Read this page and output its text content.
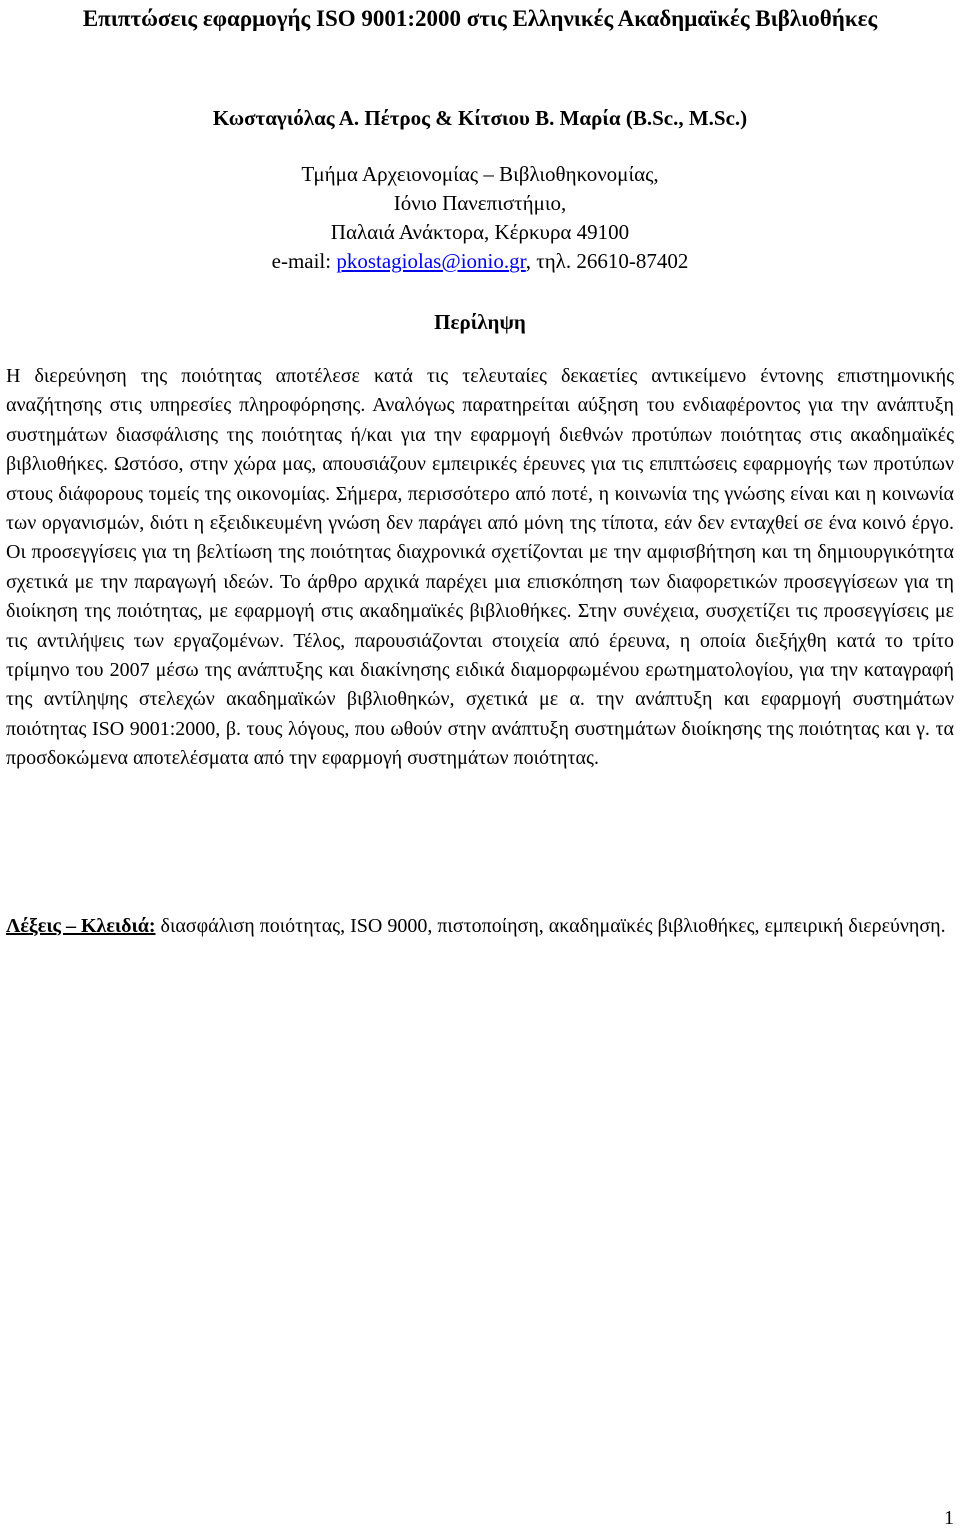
Επιπτώσεις εφαρμογής ISO 9001:2000 στις Ελληνικές Ακαδημαϊκές Βιβλιοθήκες

Κωσταγιόλας Α. Πέτρος & Κίτσιου Β. Μαρία (B.Sc., M.Sc.)

Τμήμα Αρχειονομίας – Βιβλιοθηκονομίας,
Ιόνιο Πανεπιστήμιο,
Παλαιά Ανάκτορα, Κέρκυρα 49100
e-mail: pkostagiolas@ionio.gr, τηλ. 26610-87402
Περίληψη

Η διερεύνηση της ποιότητας αποτέλεσε κατά τις τελευταίες δεκαετίες αντικείμενο έντονης επιστημονικής αναζήτησης στις υπηρεσίες πληροφόρησης. Αναλόγως παρατηρείται αύξηση του ενδιαφέροντος για την ανάπτυξη συστημάτων διασφάλισης της ποιότητας ή/και για την εφαρμογή διεθνών προτύπων ποιότητας στις ακαδημαϊκές βιβλιοθήκες. Ωστόσο, στην χώρα μας, απουσιάζουν εμπειρικές έρευνες για τις επιπτώσεις εφαρμογής των προτύπων στους διάφορους τομείς της οικονομίας. Σήμερα, περισσότερο από ποτέ, η κοινωνία της γνώσης είναι και η κοινωνία των οργανισμών, διότι η εξειδικευμένη γνώση δεν παράγει από μόνη της τίποτα, εάν δεν ενταχθεί σε ένα κοινό έργο. Οι προσεγγίσεις για τη βελτίωση της ποιότητας διαχρονικά σχετίζονται με την αμφισβήτηση και τη δημιουργικότητα σχετικά με την παραγωγή ιδεών. Το άρθρο αρχικά παρέχει μια επισκόπηση των διαφορετικών προσεγγίσεων για τη διοίκηση της ποιότητας, με εφαρμογή στις ακαδημαϊκές βιβλιοθήκες. Στην συνέχεια, συσχετίζει τις προσεγγίσεις με τις αντιλήψεις των εργαζομένων. Τέλος, παρουσιάζονται στοιχεία από έρευνα, η οποία διεξήχθη κατά το τρίτο τρίμηνο του 2007 μέσω της ανάπτυξης και διακίνησης ειδικά διαμορφωμένου ερωτηματολογίου, για την καταγραφή της αντίληψης στελεχών ακαδημαϊκών βιβλιοθηκών, σχετικά με α. την ανάπτυξη και εφαρμογή συστημάτων ποιότητας ISO 9001:2000, β. τους λόγους, που ωθούν στην ανάπτυξη συστημάτων διοίκησης της ποιότητας και γ. τα προσδοκώμενα αποτελέσματα από την εφαρμογή συστημάτων ποιότητας.

Λέξεις – Κλειδιά: διασφάλιση ποιότητας, ISO 9000, πιστοποίηση, ακαδημαϊκές βιβλιοθήκες, εμπειρική διερεύνηση.

1
